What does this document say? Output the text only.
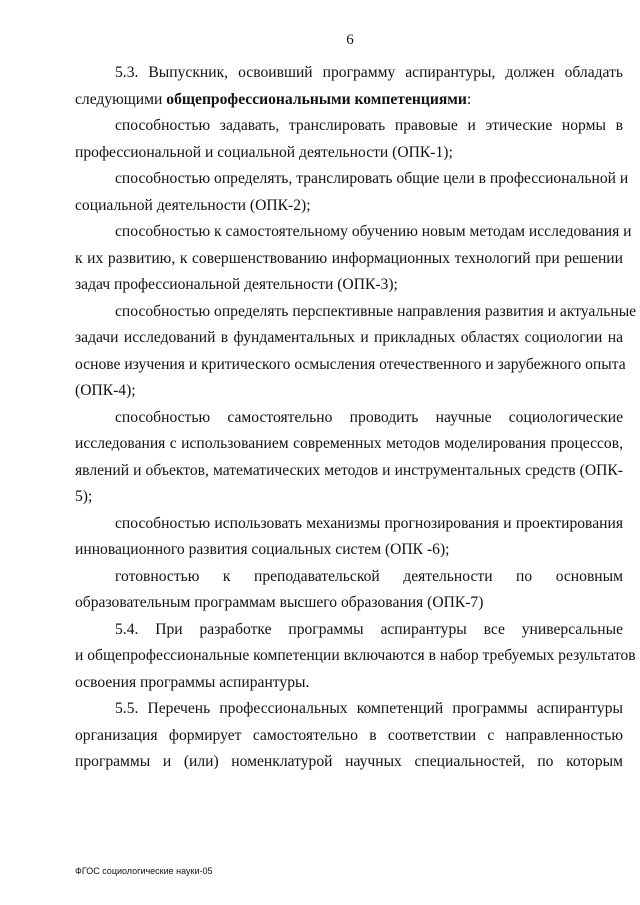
6
5.3. Выпускник, освоивший программу аспирантуры, должен обладать
следующими общепрофессиональными компетенциями:
способностью задавать, транслировать правовые и этические нормы в
профессиональной и социальной деятельности (ОПК-1);
способностью определять, транслировать общие цели в профессиональной и
социальной деятельности (ОПК-2);
способностью к самостоятельному обучению новым методам исследования и
к их развитию, к совершенствованию информационных технологий при решении
задач профессиональной деятельности (ОПК-3);
способностью определять перспективные направления развития и актуальные
задачи исследований в фундаментальных и прикладных областях социологии на
основе изучения и критического осмысления отечественного и зарубежного опыта
(ОПК-4);
способностью самостоятельно проводить научные социологические
исследования с использованием современных методов моделирования процессов,
явлений и объектов, математических методов и инструментальных средств (ОПК-
5);
способностью использовать механизмы прогнозирования и проектирования
инновационного развития социальных систем (ОПК -6);
готовностью к преподавательской деятельности по основным
образовательным программам высшего образования (ОПК-7)
5.4. При разработке программы аспирантуры все универсальные
и общепрофессиональные компетенции включаются в набор требуемых результатов
освоения программы аспирантуры.
5.5. Перечень профессиональных компетенций программы аспирантуры
организация формирует самостоятельно в соответствии с направленностью
программы и (или) номенклатурой научных специальностей, по которым
ФГОС социологические науки-05
